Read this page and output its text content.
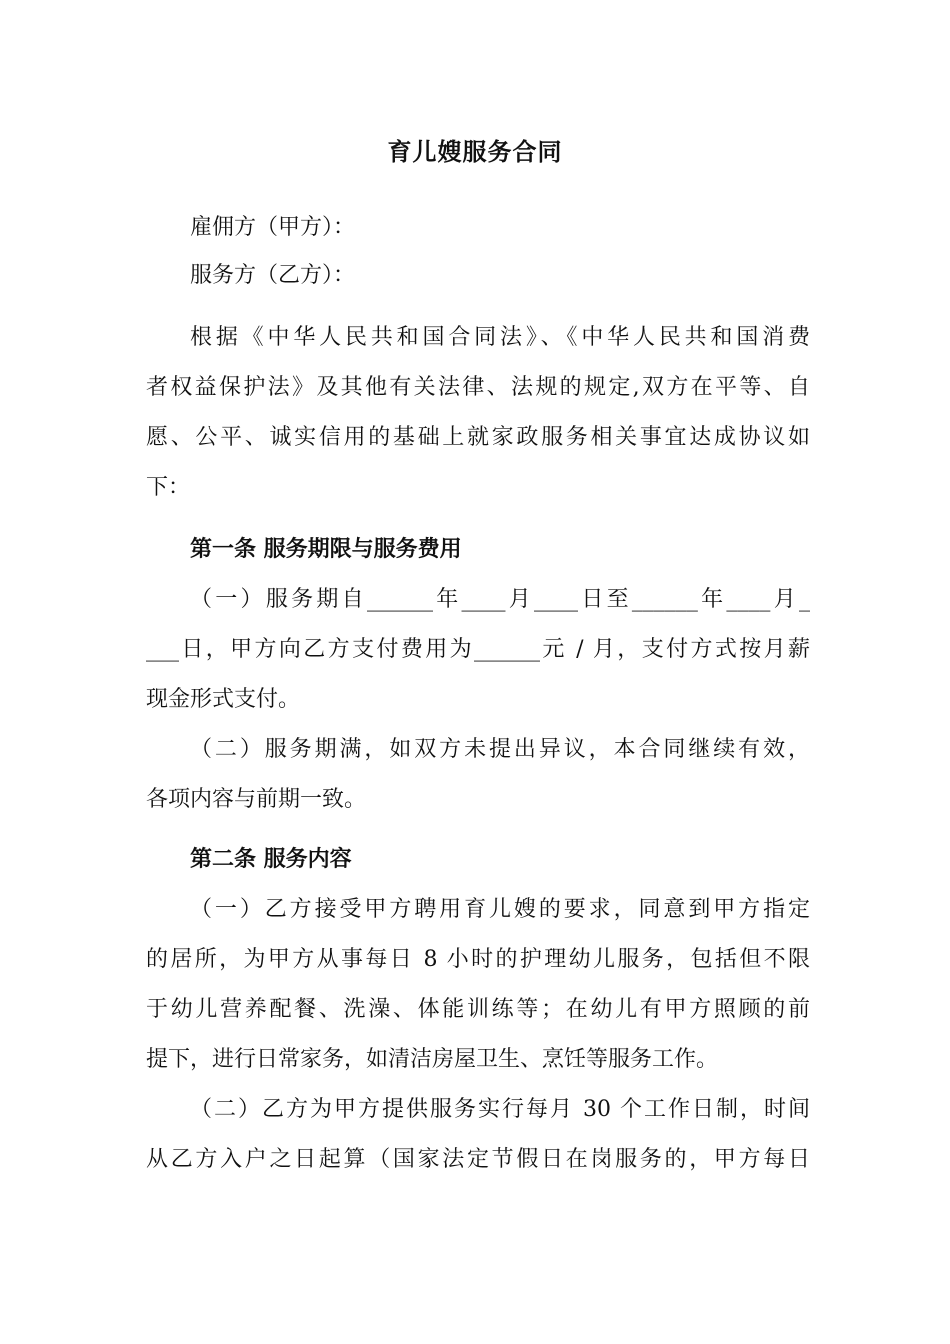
育儿嫂服务合同
雇佣方（甲方）：
服务方（乙方）：
根据《中华人民共和国合同法》、《中华人民共和国消费
者权益保护法》及其他有关法律、法规的规定,双方在平等、自
愿、公平、诚实信用的基础上就家政服务相关事宜达成协议如
下：
第一条 服务期限与服务费用
（一）服务期自______年____月____日至______年____月_
___日，甲方向乙方支付费用为______元 / 月，支付方式按月薪
现金形式支付。
（二）服务期满，如双方未提出异议，本合同继续有效，
各项内容与前期一致。
第二条 服务内容
（一）乙方接受甲方聘用育儿嫂的要求，同意到甲方指定
的居所，为甲方从事每日 8 小时的护理幼儿服务，包括但不限
于幼儿营养配餐、洗澡、体能训练等；在幼儿有甲方照顾的前
提下，进行日常家务，如清洁房屋卫生、烹饪等服务工作。
（二）乙方为甲方提供服务实行每月 30 个工作日制，时间
从乙方入户之日起算（国家法定节假日在岗服务的，甲方每日
